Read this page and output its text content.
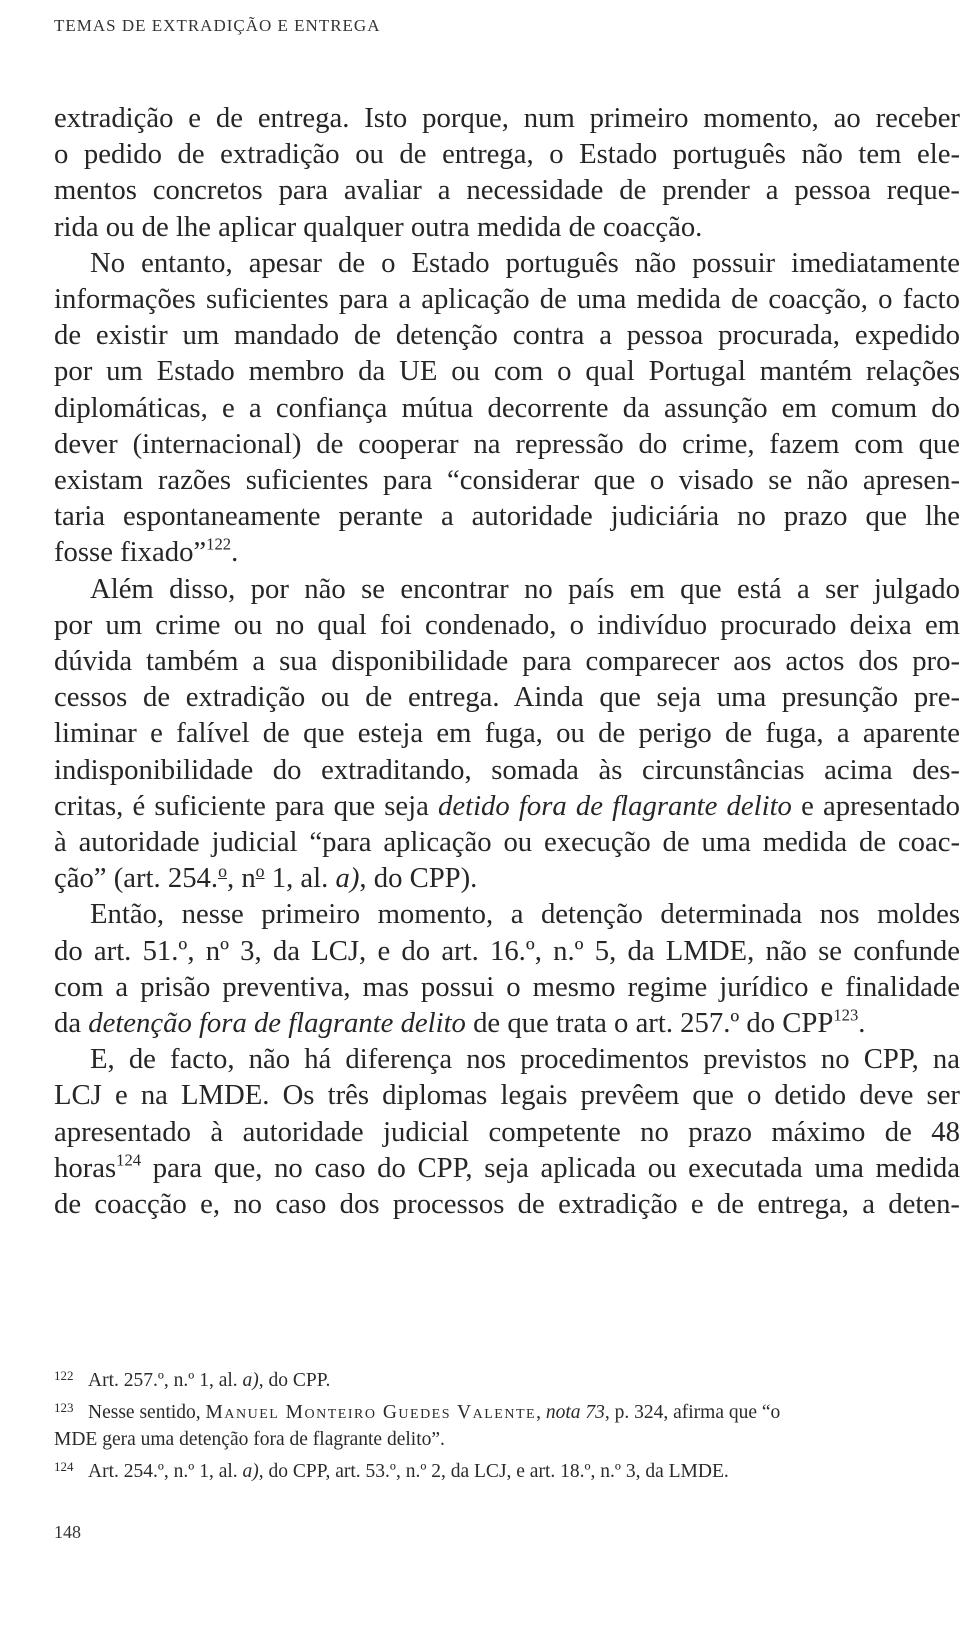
TEMAS DE EXTRADIÇÃO E ENTREGA

extradição e de entrega. Isto porque, num primeiro momento, ao receber
o pedido de extradição ou de entrega, o Estado português não tem ele-
mentos concretos para avaliar a necessidade de prender a pessoa reque-
rida ou de lhe aplicar qualquer outra medida de coacção.

No entanto, apesar de o Estado português não possuir imediatamente
informações suficientes para a aplicação de uma medida de coacção, o facto
de existir um mandado de detenção contra a pessoa procurada, expedido
por um Estado membro da UE ou com o qual Portugal mantém relações
diplomáticas, e a confiança mútua decorrente da assunção em comum do
dever (internacional) de cooperar na repressão do crime, fazem com que
existam razões suficientes para “considerar que o visado se não apresen-
taria espontaneamente perante a autoridade judiciária no prazo que lhe
fosse fixado”$^{122}$.

Além disso, por não se encontrar no país em que está a ser julgado
por um crime ou no qual foi condenado, o indivíduo procurado deixa em
dúvida também a sua disponibilidade para comparecer aos actos dos pro-
cessos de extradição ou de entrega. Ainda que seja uma presunção pre-
liminar e falível de que esteja em fuga, ou de perigo de fuga, a aparente
indisponibilidade do extraditando, somada às circunstâncias acima des-
critas, é suficiente para que seja detido fora de flagrante delito e apresentado
à autoridade judicial “para aplicação ou execução de uma medida de coac-
ção” (art. 254.$^o$, $n^o$ 1, al. a), do CPP).

Então, nesse primeiro momento, a detenção determinada nos moldes
do art. 51.º, nº 3, da LCJ, e do art. 16.º, n.º 5, da LMDE, não se confunde
com a prisão preventiva, mas possui o mesmo regime jurídico e finalidade
da detenção fora de flagrante delito de que trata o art. 257.º do CPP$^{123}$.

E, de facto, não há diferença nos procedimentos previstos no CPP, na
LCJ e na LMDE. Os três diplomas legais prevêem que o detido deve ser
apresentado à autoridade judicial competente no prazo máximo de 48
horas$^{124}$ para que, no caso do CPP, seja aplicada ou executada uma medida
de coacção e, no caso dos processos de extradição e de entrega, a deten-

122 Art. 257.º, n.º 1, al. a), do CPP.

123 Nesse sentido, Manuel Monteiro Guedes Valente, nota 73, p. 324, afirma que “o
MDE gera uma detenção fora de flagrante delito”.

124 Art. 254.º, n.º 1, al. a), do CPP, art. 53.º, n.º 2, da LCJ, e art. 18.º, n.º 3, da LMDE.

148
